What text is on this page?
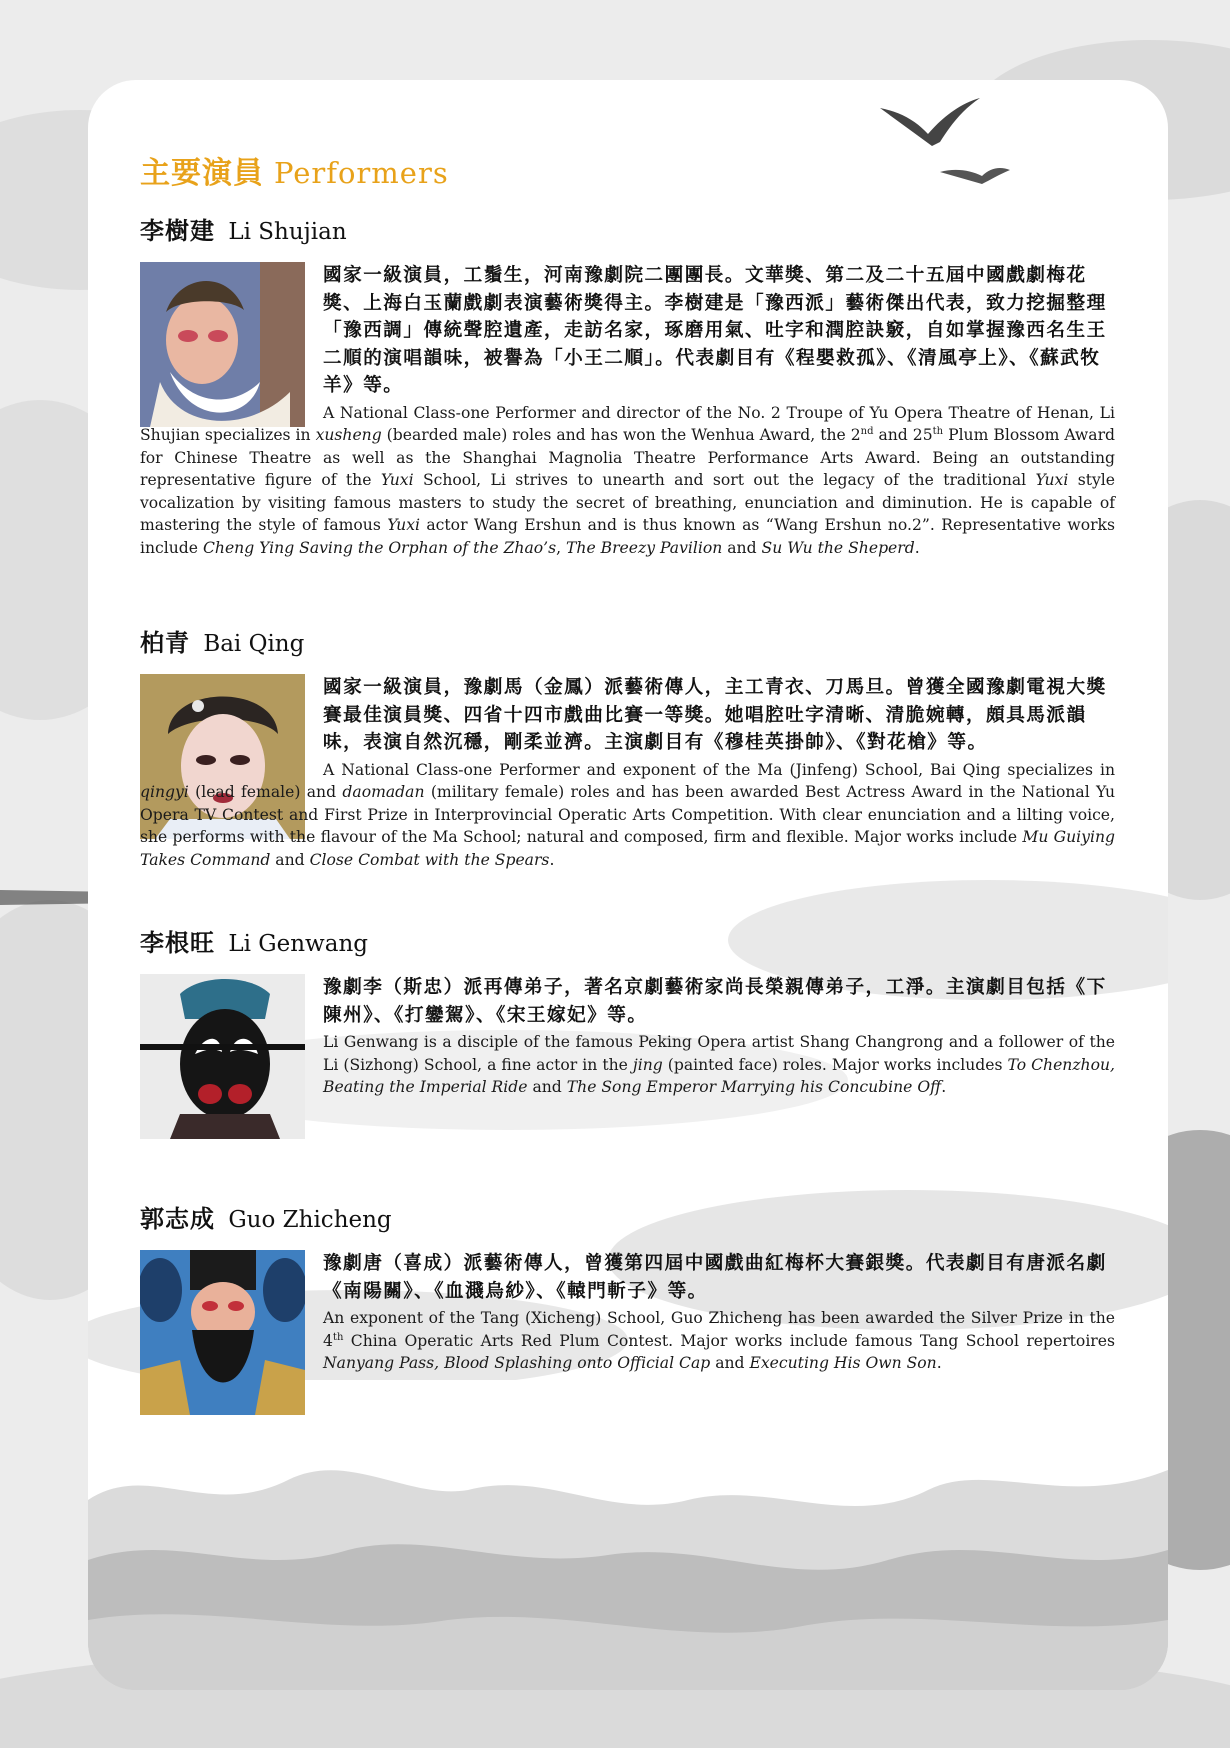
主要演員 Performers
李樹建 Li Shujian
國家一級演員，工鬚生，河南豫劇院二團團長。文華獎、第二及二十五屆中國戲劇梅花獎、上海白玉蘭戲劇表演藝術獎得主。李樹建是「豫西派」藝術傑出代表，致力挖掘整理「豫西調」傳統聲腔遺產，走訪名家，琢磨用氣、吐字和潤腔訣竅，自如掌握豫西名生王二順的演唱韻味，被譽為「小王二順」。代表劇目有《程嬰救孤》、《清風亭上》、《蘇武牧羊》等。
A National Class-one Performer and director of the No. 2 Troupe of Yu Opera Theatre of Henan, Li Shujian specializes in xusheng (bearded male) roles and has won the Wenhua Award, the 2nd and 25th Plum Blossom Award for Chinese Theatre as well as the Shanghai Magnolia Theatre Performance Arts Award. Being an outstanding representative figure of the Yuxi School, Li strives to unearth and sort out the legacy of the traditional Yuxi style vocalization by visiting famous masters to study the secret of breathing, enunciation and diminution. He is capable of mastering the style of famous Yuxi actor Wang Ershun and is thus known as “Wang Ershun no.2”. Representative works include Cheng Ying Saving the Orphan of the Zhao’s, The Breezy Pavilion and Su Wu the Sheperd.
柏青 Bai Qing
國家一級演員，豫劇馬（金鳳）派藝術傳人，主工青衣、刀馬旦。曾獲全國豫劇電視大獎賽最佳演員獎、四省十四市戲曲比賽一等獎。她唱腔吐字清晰、清脆婉轉，頗具馬派韻味，表演自然沉穩，剛柔並濟。主演劇目有《穆桂英掛帥》、《對花槍》等。
A National Class-one Performer and exponent of the Ma (Jinfeng) School, Bai Qing specializes in qingyi (lead female) and daomadan (military female) roles and has been awarded Best Actress Award in the National Yu Opera TV Contest and First Prize in Interprovincial Operatic Arts Competition. With clear enunciation and a lilting voice, she performs with the flavour of the Ma School; natural and composed, firm and flexible. Major works include Mu Guiying Takes Command and Close Combat with the Spears.
李根旺 Li Genwang
豫劇李（斯忠）派再傳弟子，著名京劇藝術家尚長榮親傳弟子，工淨。主演劇目包括《下陳州》、《打鑾駕》、《宋王嫁妃》等。
Li Genwang is a disciple of the famous Peking Opera artist Shang Changrong and a follower of the Li (Sizhong) School, a fine actor in the jing (painted face) roles. Major works includes To Chenzhou, Beating the Imperial Ride and The Song Emperor Marrying his Concubine Off.
郭志成 Guo Zhicheng
豫劇唐（喜成）派藝術傳人，曾獲第四屆中國戲曲紅梅杯大賽銀獎。代表劇目有唐派名劇《南陽關》、《血濺烏紗》、《轅門斬子》等。
An exponent of the Tang (Xicheng) School, Guo Zhicheng has been awarded the Silver Prize in the 4th China Operatic Arts Red Plum Contest. Major works include famous Tang School repertoires Nanyang Pass, Blood Splashing onto Official Cap and Executing His Own Son.
